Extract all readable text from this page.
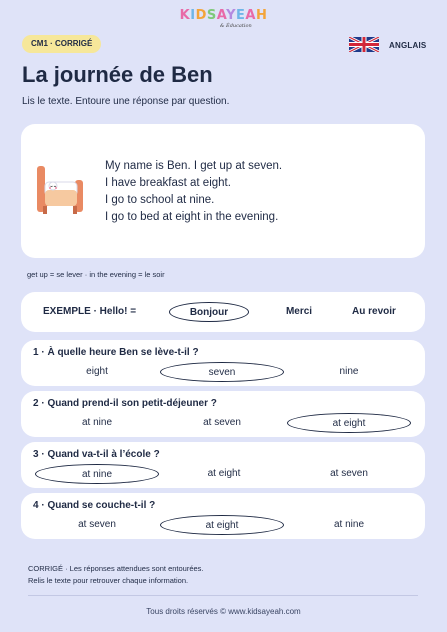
KIDSAYEAH
& Éducation
CM1 · CORRIGÉ	ANGLAIS
La journée de Ben

Lis le texte. Entoure une réponse par question.

My name is Ben. I get up at seven.
I have breakfast at eight.
I go to school at nine.
I go to bed at eight in the evening.
get up = se lever · in the evening = le soir
EXEMPLE · Hello! =	Bonjour	Merci	Au revoir
1 · À quelle heure Ben se lève-t-il ?
eight	seven	nine
2 · Quand prend-il son petit-déjeuner ?
at nine	at seven	at eight
3 · Quand va-t-il à l’école ?
at nine	at eight	at seven
4 · Quand se couche-t-il ?
at seven	at eight	at nine
CORRIGÉ · Les réponses attendues sont entourées.
Relis le texte pour retrouver chaque information.
Tous droits réservés © www.kidsayeah.com
